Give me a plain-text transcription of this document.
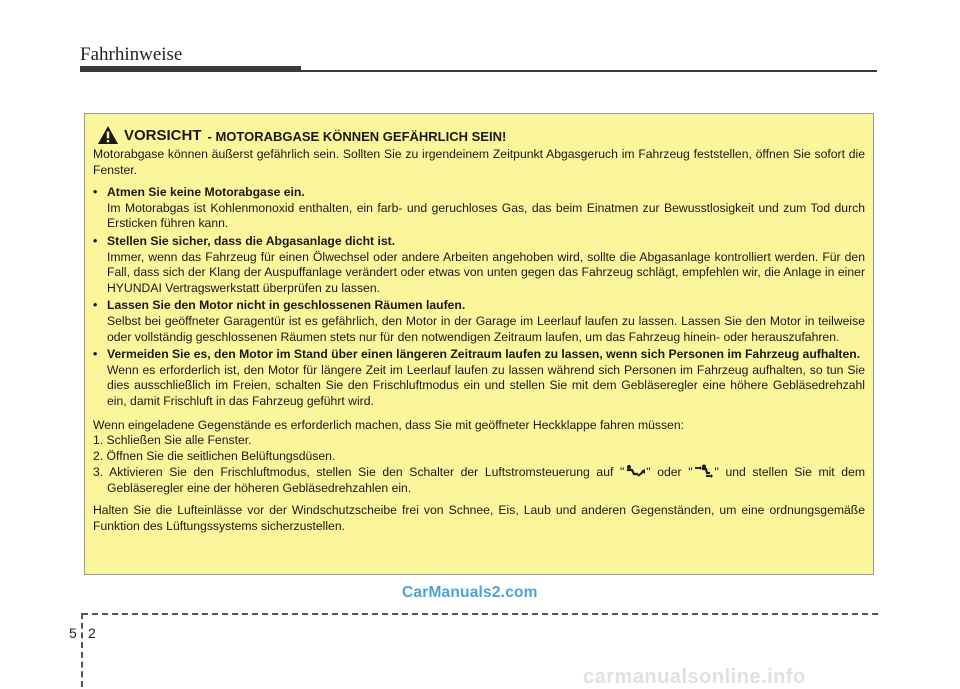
Fahrhinweise
VORSICHT - MOTORABGASE KÖNNEN GEFÄHRLICH SEIN!
Motorabgase können äußerst gefährlich sein. Sollten Sie zu irgendeinem Zeitpunkt Abgasgeruch im Fahrzeug feststellen, öffnen Sie sofort die Fenster.
• Atmen Sie keine Motorabgase ein.
Im Motorabgas ist Kohlenmonoxid enthalten, ein farb- und geruchloses Gas, das beim Einatmen zur Bewusstlosigkeit und zum Tod durch Ersticken führen kann.
• Stellen Sie sicher, dass die Abgasanlage dicht ist.
Immer, wenn das Fahrzeug für einen Ölwechsel oder andere Arbeiten angehoben wird, sollte die Abgasanlage kontrolliert werden. Für den Fall, dass sich der Klang der Auspuffanlage verändert oder etwas von unten gegen das Fahrzeug schlägt, empfehlen wir, die Anlage in einer HYUNDAI Vertragswerkstatt überprüfen zu lassen.
• Lassen Sie den Motor nicht in geschlossenen Räumen laufen.
Selbst bei geöffneter Garagentür ist es gefährlich, den Motor in der Garage im Leerlauf laufen zu lassen. Lassen Sie den Motor in teilweise oder vollständig geschlossenen Räumen stets nur für den notwendigen Zeitraum laufen, um das Fahrzeug hinein- oder herauszufahren.
• Vermeiden Sie es, den Motor im Stand über einen längeren Zeitraum laufen zu lassen, wenn sich Personen im Fahrzeug aufhalten.
Wenn es erforderlich ist, den Motor für längere Zeit im Leerlauf laufen zu lassen während sich Personen im Fahrzeug aufhalten, so tun Sie dies ausschließlich im Freien, schalten Sie den Frischluftmodus ein und stellen Sie mit dem Gebläseregler eine höhere Gebläsedrehzahl ein, damit Frischluft in das Fahrzeug geführt wird.
Wenn eingeladene Gegenstände es erforderlich machen, dass Sie mit geöffneter Heckklappe fahren müssen:
1. Schließen Sie alle Fenster.
2. Öffnen Sie die seitlichen Belüftungsdüsen.
3. Aktivieren Sie den Frischluftmodus, stellen Sie den Schalter der Luftstromsteuerung auf " " oder " " und stellen Sie mit dem Gebläseregler eine der höheren Gebläsedrehzahlen ein.
Halten Sie die Lufteinlässe vor der Windschutzscheibe frei von Schnee, Eis, Laub und anderen Gegenständen, um eine ordnungsgemäße Funktion des Lüftungssystems sicherzustellen.
CarManuals2.com
5 2
carmanualsonline.info
